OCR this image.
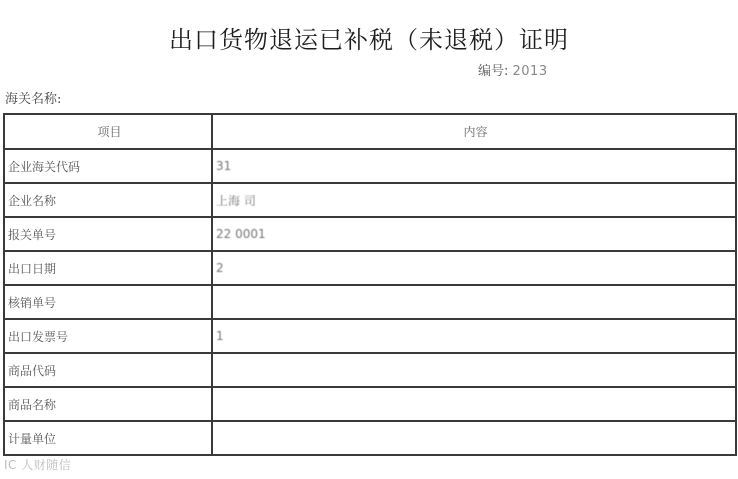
出口货物退运已补税（未退税）证明
编号: 2013
海关名称:
项目	内容
企业海关代码	31
企业名称	上海 司
报关单号	22 0001
出口日期	2
核销单号	
出口发票号	1
商品代码	
商品名称	
计量单位	
IC 人财随信
